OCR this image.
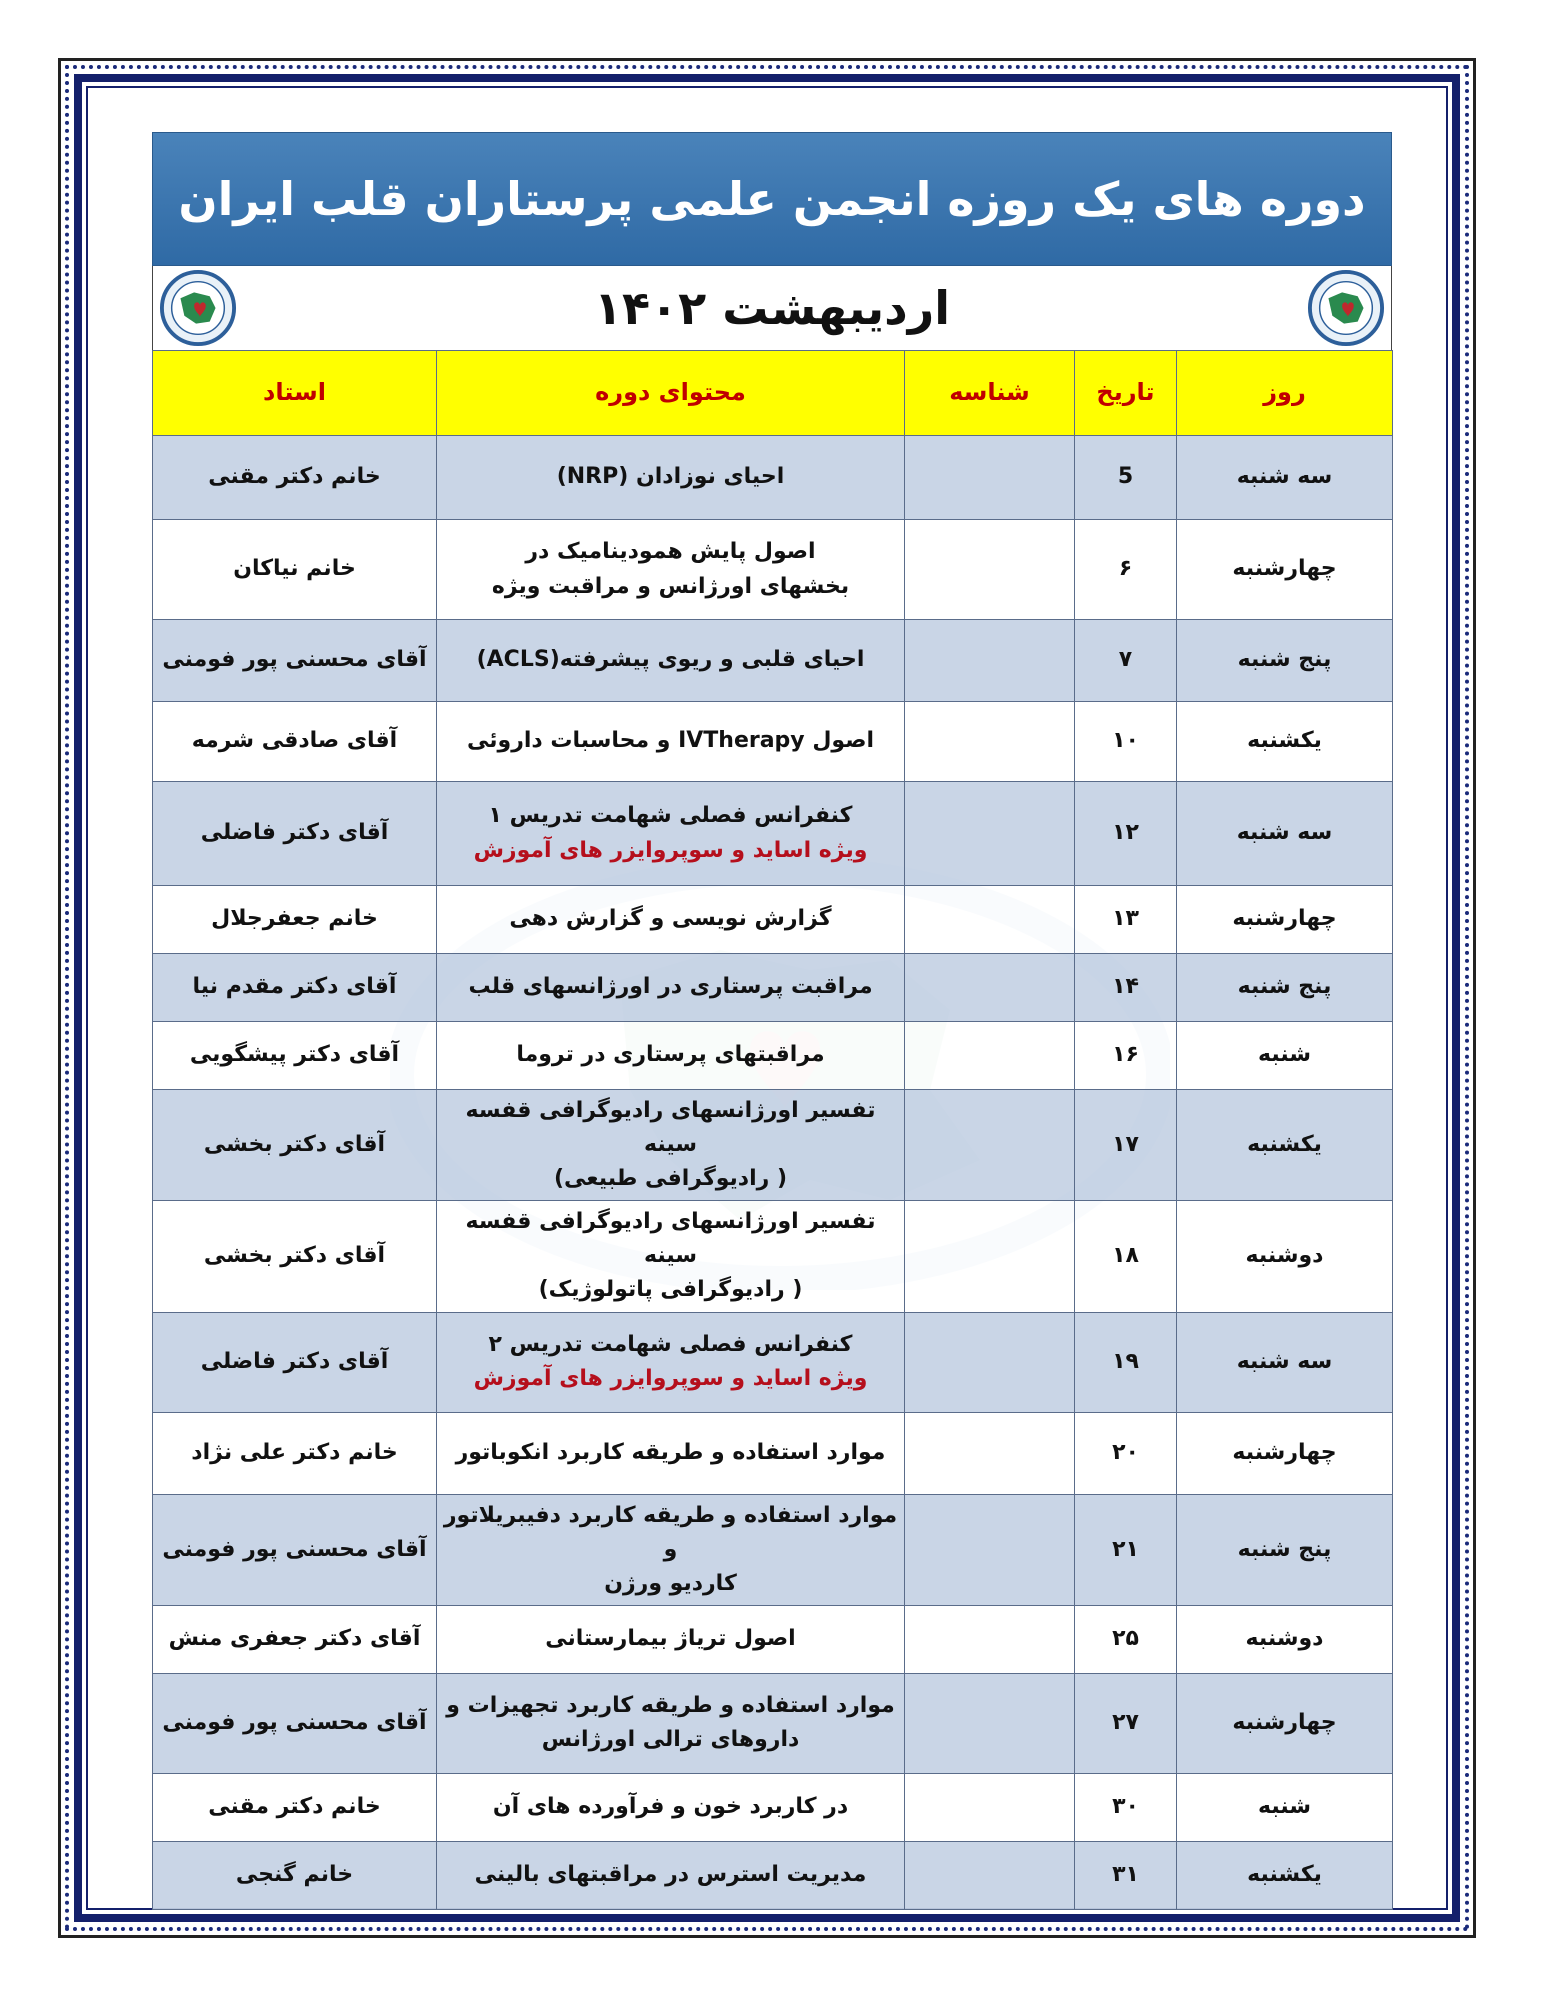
دوره های یک روزه انجمن علمی پرستاران قلب ایران
اردیبهشت ۱۴۰۲
روز	تاریخ	شناسه	محتوای دوره	استاد
سه شنبه	5		احیای نوزادان (NRP)	خانم دکتر مقنی
چهارشنبه	۶		اصول پایش همودینامیک در
بخشهای اورژانس و مراقبت ویژه	خانم نیاکان
پنج شنبه	۷		احیای قلبی و ریوی پیشرفته(ACLS)	آقای محسنی پور فومنی
یکشنبه	۱۰		اصول IVTherapy و محاسبات داروئی	آقای صادقی شرمه
سه شنبه	۱۲		کنفرانس فصلی شهامت تدریس ۱
ویژه اساید و سوپروایزر های آموزش	آقای دکتر فاضلی
چهارشنبه	۱۳		گزارش نویسی و گزارش دهی	خانم جعفرجلال
پنج شنبه	۱۴		مراقبت پرستاری در اورژانسهای قلب	آقای دکتر مقدم نیا
شنبه	۱۶		مراقبتهای پرستاری در تروما	آقای دکتر پیشگویی
یکشنبه	۱۷		تفسیر اورژانسهای رادیوگرافی قفسه سینه
( رادیوگرافی طبیعی)	آقای دکتر بخشی
دوشنبه	۱۸		تفسیر اورژانسهای رادیوگرافی قفسه سینه
( رادیوگرافی پاتولوژیک)	آقای دکتر بخشی
سه شنبه	۱۹		کنفرانس فصلی شهامت تدریس ۲
ویژه اساید و سوپروایزر های آموزش	آقای دکتر فاضلی
چهارشنبه	۲۰		موارد استفاده و طریقه کاربرد انکوباتور	خانم دکتر علی نژاد
پنج شنبه	۲۱		موارد استفاده و طریقه کاربرد دفیبریلاتور و
کاردیو ورژن	آقای محسنی پور فومنی
دوشنبه	۲۵		اصول تریاژ بیمارستانی	آقای دکتر جعفری منش
چهارشنبه	۲۷		موارد استفاده و طریقه کاربرد تجهیزات و
داروهای ترالی اورژانس	آقای محسنی پور فومنی
شنبه	۳۰		در کاربرد خون و فرآورده های آن	خانم دکتر مقنی
یکشنبه	۳۱		مدیریت استرس در مراقبتهای بالینی	خانم گنجی
